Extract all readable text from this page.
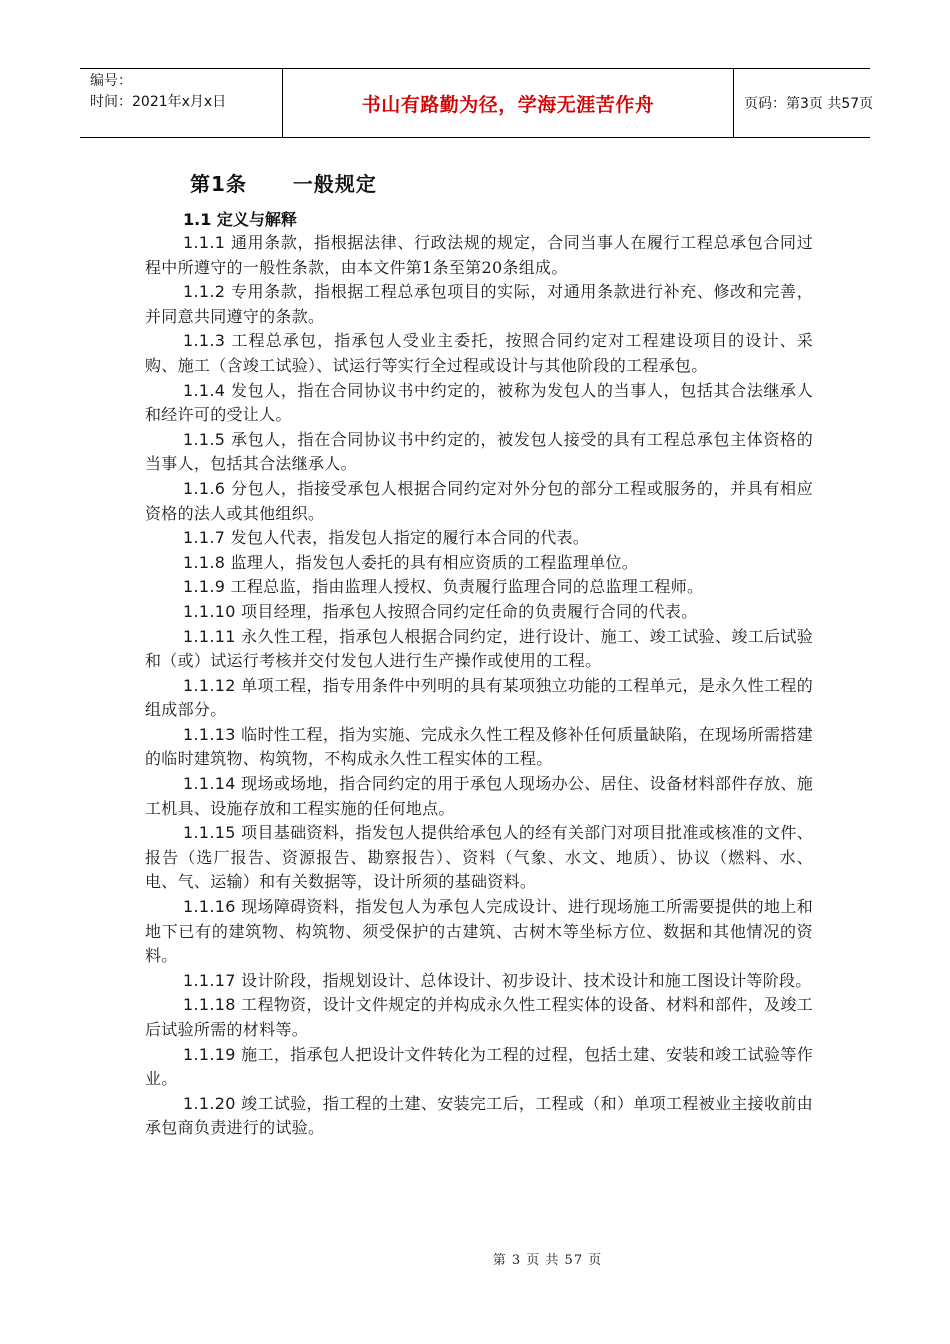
编号：
时间：2021年x月x日	书山有路勤为径，学海无涯苦作舟	页码：第3页 共57页
第1条 一般规定
1.1 定义与解释

1.1.1 通用条款，指根据法律、行政法规的规定，合同当事人在履行工程总承包合同过程中所遵守的一般性条款，由本文件第1条至第20条组成。

1.1.2 专用条款，指根据工程总承包项目的实际，对通用条款进行补充、修改和完善，并同意共同遵守的条款。

1.1.3 工程总承包，指承包人受业主委托，按照合同约定对工程建设项目的设计、采购、施工（含竣工试验）、试运行等实行全过程或设计与其他阶段的工程承包。

1.1.4 发包人，指在合同协议书中约定的，被称为发包人的当事人，包括其合法继承人和经许可的受让人。

1.1.5 承包人，指在合同协议书中约定的，被发包人接受的具有工程总承包主体资格的当事人，包括其合法继承人。

1.1.6 分包人，指接受承包人根据合同约定对外分包的部分工程或服务的，并具有相应资格的法人或其他组织。

1.1.7 发包人代表，指发包人指定的履行本合同的代表。

1.1.8 监理人，指发包人委托的具有相应资质的工程监理单位。

1.1.9 工程总监，指由监理人授权、负责履行监理合同的总监理工程师。

1.1.10 项目经理，指承包人按照合同约定任命的负责履行合同的代表。

1.1.11 永久性工程，指承包人根据合同约定，进行设计、施工、竣工试验、竣工后试验和（或）试运行考核并交付发包人进行生产操作或使用的工程。

1.1.12 单项工程，指专用条件中列明的具有某项独立功能的工程单元，是永久性工程的组成部分。

1.1.13 临时性工程，指为实施、完成永久性工程及修补任何质量缺陷，在现场所需搭建的临时建筑物、构筑物，不构成永久性工程实体的工程。

1.1.14 现场或场地，指合同约定的用于承包人现场办公、居住、设备材料部件存放、施工机具、设施存放和工程实施的任何地点。

1.1.15 项目基础资料，指发包人提供给承包人的经有关部门对项目批准或核准的文件、报告（选厂报告、资源报告、勘察报告）、资料（气象、水文、地质）、协议（燃料、水、电、气、运输）和有关数据等，设计所须的基础资料。

1.1.16 现场障碍资料，指发包人为承包人完成设计、进行现场施工所需要提供的地上和地下已有的建筑物、构筑物、须受保护的古建筑、古树木等坐标方位、数据和其他情况的资料。

1.1.17 设计阶段，指规划设计、总体设计、初步设计、技术设计和施工图设计等阶段。

1.1.18 工程物资，设计文件规定的并构成永久性工程实体的设备、材料和部件，及竣工后试验所需的材料等。

1.1.19 施工，指承包人把设计文件转化为工程的过程，包括土建、安装和竣工试验等作业。

1.1.20 竣工试验，指工程的土建、安装完工后，工程或（和）单项工程被业主接收前由承包商负责进行的试验。

第 3 页 共 57 页
